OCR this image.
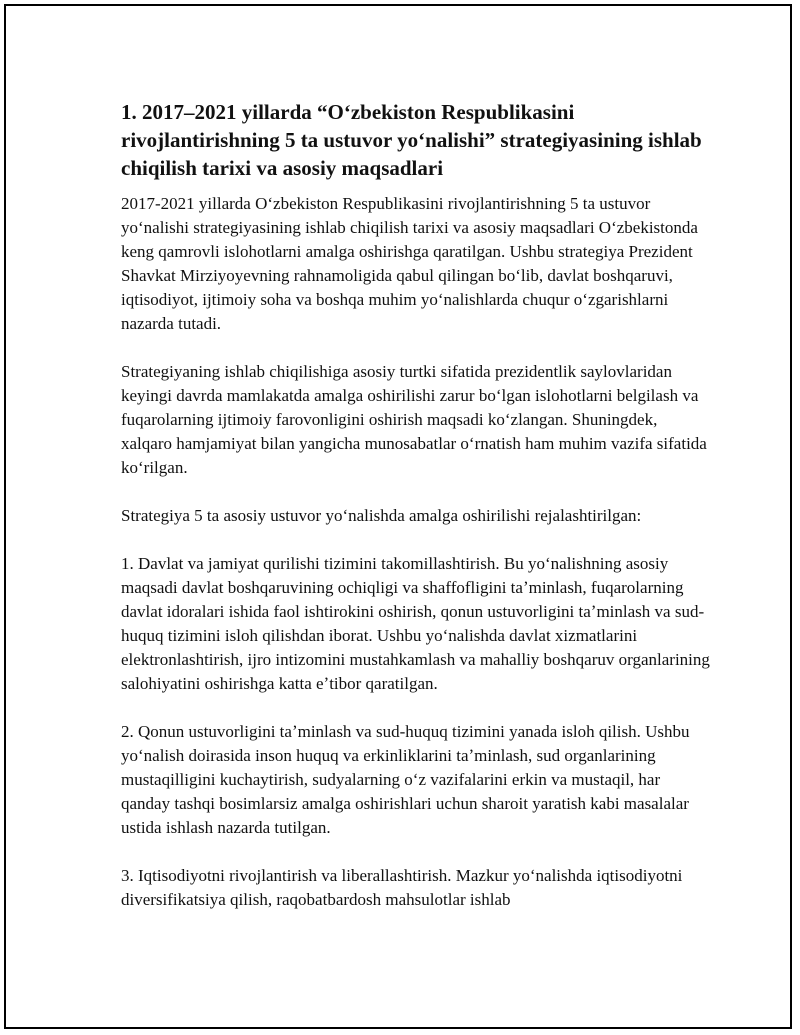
1. 2017–2021 yillarda “Oʻzbekiston Respublikasini rivojlantirishning 5 ta ustuvor yoʻnalishi” strategiyasining ishlab chiqilish tarixi va asosiy maqsadlari

2017-2021 yillarda Oʻzbekiston Respublikasini rivojlantirishning 5 ta ustuvor yoʻnalishi strategiyasining ishlab chiqilish tarixi va asosiy maqsadlari Oʻzbekistonda keng qamrovli islohotlarni amalga oshirishga qaratilgan. Ushbu strategiya Prezident Shavkat Mirziyoyevning rahnamoligida qabul qilingan boʻlib, davlat boshqaruvi, iqtisodiyot, ijtimoiy soha va boshqa muhim yoʻnalishlarda chuqur oʻzgarishlarni nazarda tutadi.

Strategiyaning ishlab chiqilishiga asosiy turtki sifatida prezidentlik saylovlaridan keyingi davrda mamlakatda amalga oshirilishi zarur boʻlgan islohotlarni belgilash va fuqarolarning ijtimoiy farovonligini oshirish maqsadi koʻzlangan. Shuningdek, xalqaro hamjamiyat bilan yangicha munosabatlar oʻrnatish ham muhim vazifa sifatida koʻrilgan.

Strategiya 5 ta asosiy ustuvor yoʻnalishda amalga oshirilishi rejalashtirilgan:

1. Davlat va jamiyat qurilishi tizimini takomillashtirish. Bu yoʻnalishning asosiy maqsadi davlat boshqaruvining ochiqligi va shaffofligini taʼminlash, fuqarolarning davlat idoralari ishida faol ishtirokini oshirish, qonun ustuvorligini taʼminlash va sud-huquq tizimini isloh qilishdan iborat. Ushbu yoʻnalishda davlat xizmatlarini elektronlashtirish, ijro intizomini mustahkamlash va mahalliy boshqaruv organlarining salohiyatini oshirishga katta eʼtibor qaratilgan.

2. Qonun ustuvorligini taʼminlash va sud-huquq tizimini yanada isloh qilish. Ushbu yoʻnalish doirasida inson huquq va erkinliklarini taʼminlash, sud organlarining mustaqilligini kuchaytirish, sudyalarning oʻz vazifalarini erkin va mustaqil, har qanday tashqi bosimlarsiz amalga oshirishlari uchun sharoit yaratish kabi masalalar ustida ishlash nazarda tutilgan.

3. Iqtisodiyotni rivojlantirish va liberallashtirish. Mazkur yoʻnalishda iqtisodiyotni diversifikatsiya qilish, raqobatbardosh mahsulotlar ishlab
